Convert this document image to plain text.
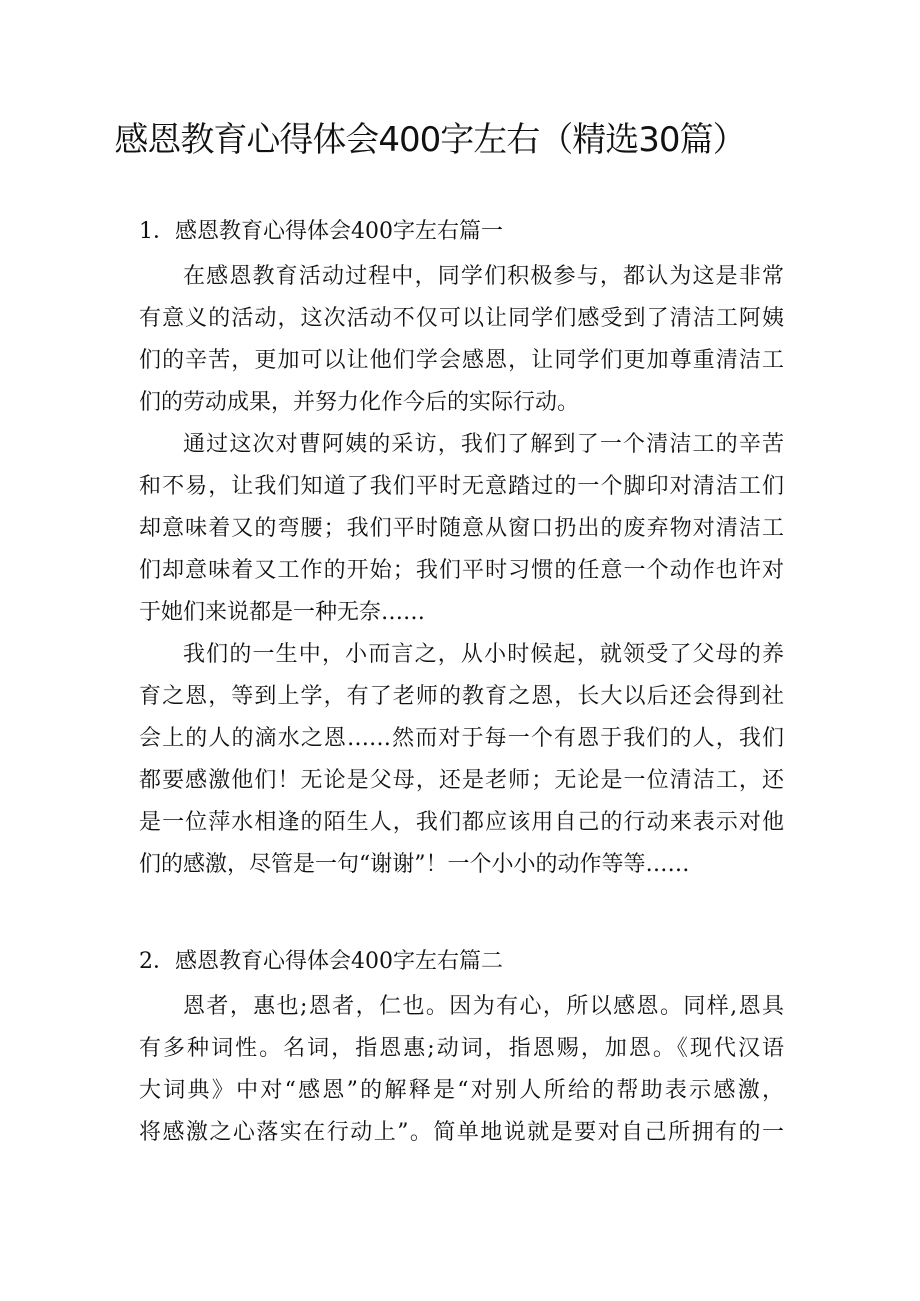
感恩教育心得体会400字左右（精选30篇）
1．感恩教育心得体会400字左右篇一
在感恩教育活动过程中，同学们积极参与，都认为这是非常
有意义的活动，这次活动不仅可以让同学们感受到了清洁工阿姨
们的辛苦，更加可以让他们学会感恩，让同学们更加尊重清洁工
们的劳动成果，并努力化作今后的实际行动。
通过这次对曹阿姨的采访，我们了解到了一个清洁工的辛苦
和不易，让我们知道了我们平时无意踏过的一个脚印对清洁工们
却意味着又的弯腰；我们平时随意从窗口扔出的废弃物对清洁工
们却意味着又工作的开始；我们平时习惯的任意一个动作也许对
于她们来说都是一种无奈……
我们的一生中，小而言之，从小时候起，就领受了父母的养
育之恩，等到上学，有了老师的教育之恩，长大以后还会得到社
会上的人的滴水之恩……然而对于每一个有恩于我们的人，我们
都要感激他们！无论是父母，还是老师；无论是一位清洁工，还
是一位萍水相逢的陌生人，我们都应该用自己的行动来表示对他
们的感激，尽管是一句“谢谢”！一个小小的动作等等……
2．感恩教育心得体会400字左右篇二
恩者，惠也;恩者，仁也。因为有心，所以感恩。同样,恩具
有多种词性。名词，指恩惠;动词，指恩赐，加恩。《现代汉语
大词典》中对“感恩”的解释是“对别人所给的帮助表示感激，
将感激之心落实在行动上”。简单地说就是要对自己所拥有的一
